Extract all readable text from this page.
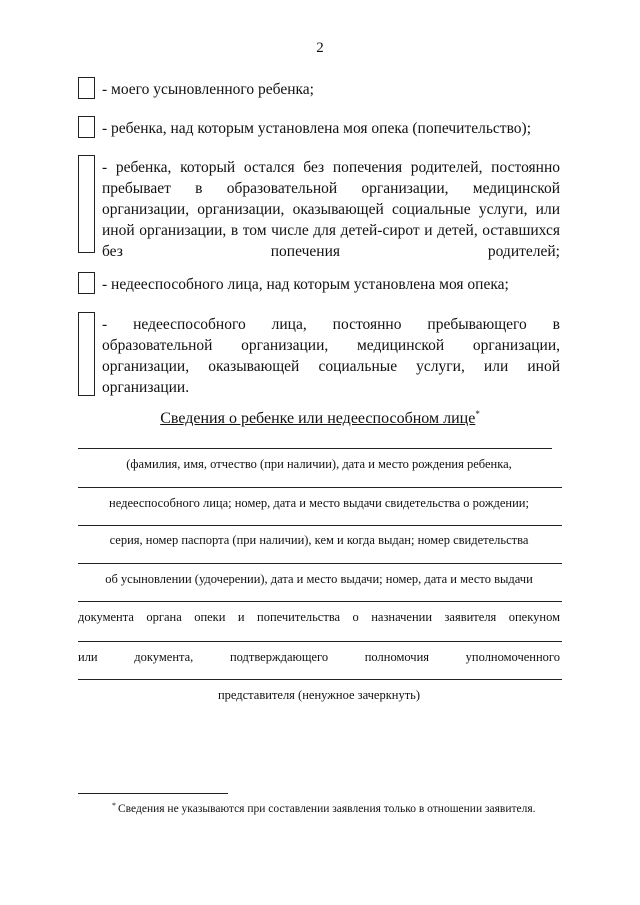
2
- моего усыновленного ребенка;
- ребенка, над которым установлена моя опека (попечительство);
- ребенка, который остался без попечения родителей, постоянно пребывает в образовательной организации, медицинской организации, организации, оказывающей социальные услуги, или иной организации, в том числе для детей-сирот и детей, оставшихся без попечения родителей;
- недееспособного лица, над которым установлена моя опека;
- недееспособного лица, постоянно пребывающего в образовательной организации, медицинской организации, организации, оказывающей социальные услуги, или иной организации.
Сведения о ребенке или недееспособном лице*
(фамилия, имя, отчество (при наличии), дата и место рождения ребенка,
недееспособного лица; номер, дата и место выдачи свидетельства о рождении;
серия, номер паспорта (при наличии), кем и когда выдан; номер свидетельства
об усыновлении (удочерении), дата и место выдачи; номер, дата и место выдачи
документа органа опеки и попечительства о назначении заявителя опекуном
или документа, подтверждающего полномочия уполномоченного
представителя (ненужное зачеркнуть)
* Сведения не указываются при составлении заявления только в отношении заявителя.
